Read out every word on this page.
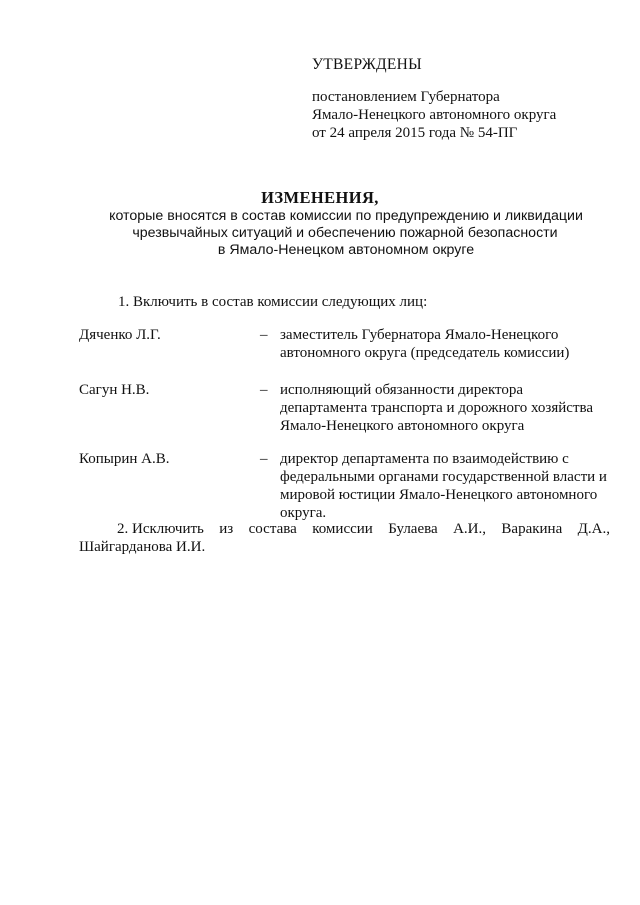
УТВЕРЖДЕНЫ

постановлением Губернатора

Ямало-Ненецкого автономного округа

от 24 апреля 2015 года № 54-ПГ

ИЗМЕНЕНИЯ,

которые вносятся в состав комиссии по предупреждению и ликвидации

чрезвычайных ситуаций и обеспечению пожарной безопасности

в Ямало-Ненецком автономном округе

1. Включить в состав комиссии следующих лиц:

Дяченко Л.Г.	– заместитель Губернатора Ямало-Ненецкого
автономного округа (председатель комиссии)
Сагун Н.В.	– исполняющий обязанности директора
департамента транспорта и дорожного хозяйства
Ямало-Ненецкого автономного округа
Копырин А.В.	– директор департамента по взаимодействию с
федеральными органами государственной власти и
мировой юстиции Ямало-Ненецкого автономного
округа.
2. Исключить из состава комиссии Булаева А.И., Варакина Д.А.,
Шайгарданова И.И.
